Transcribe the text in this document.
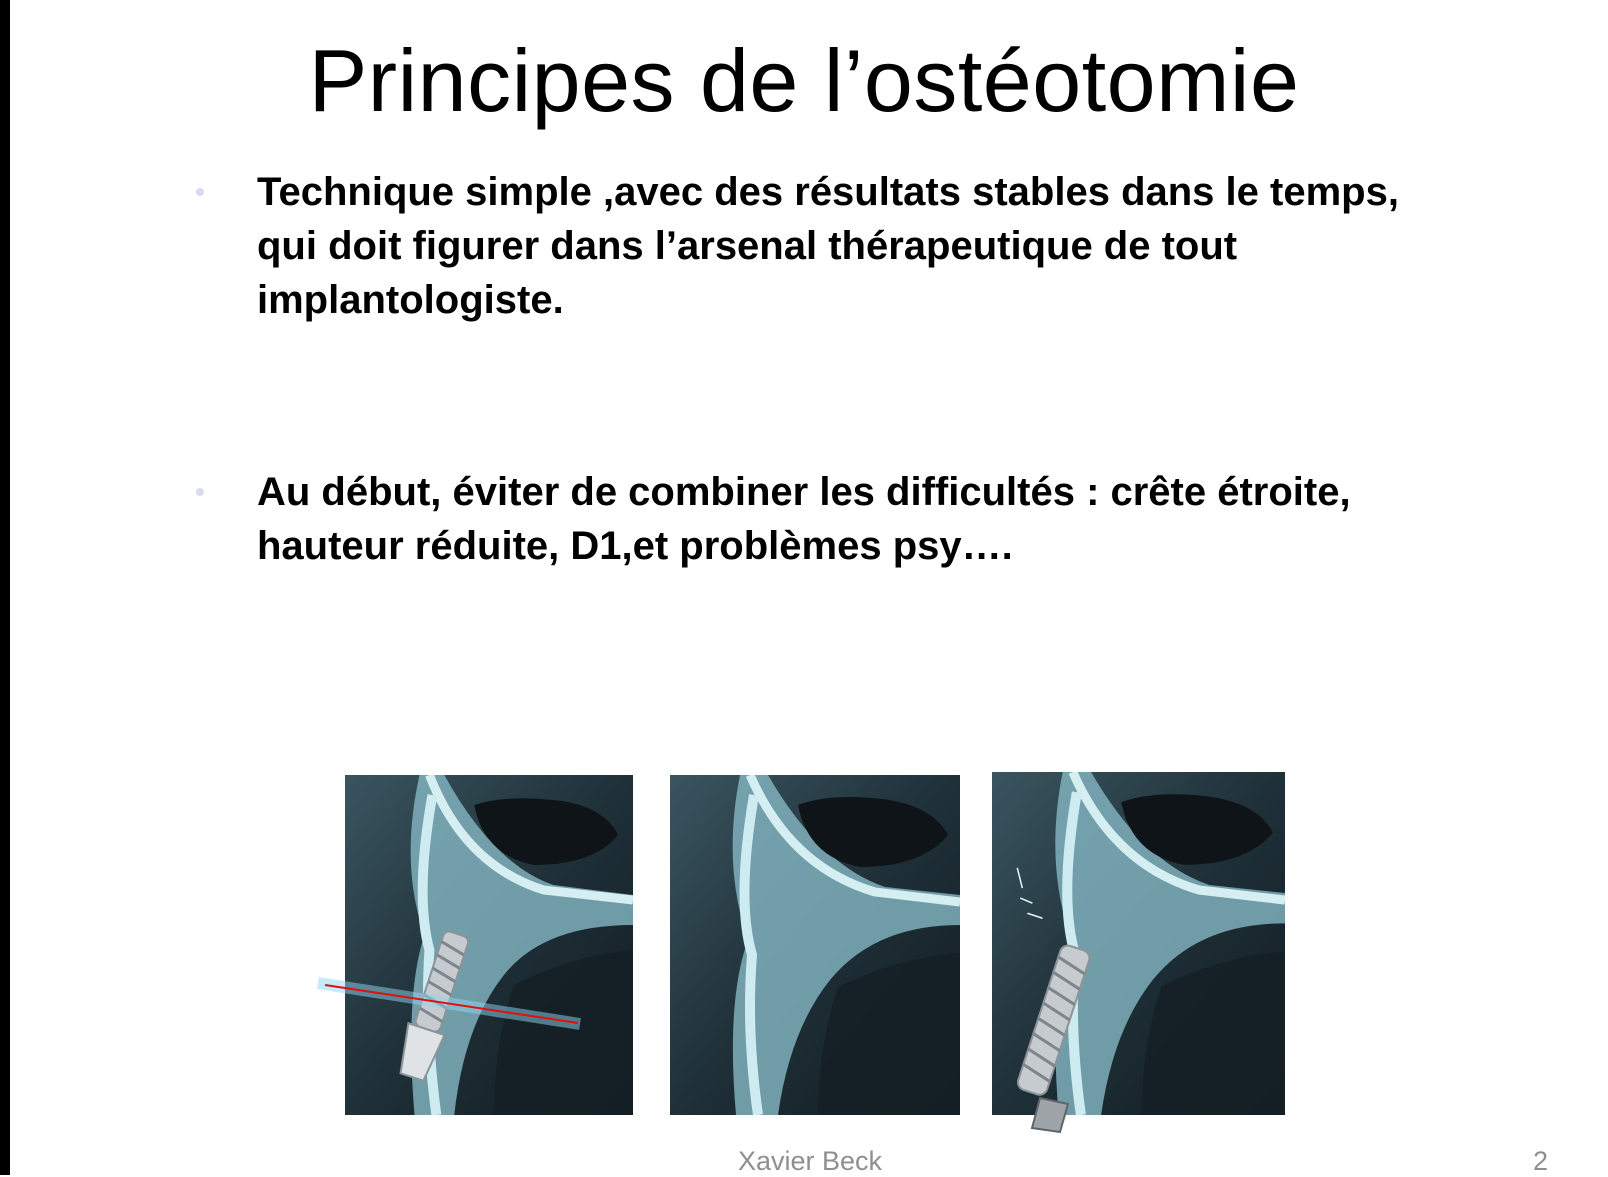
Principes de l’ostéotomie
• Technique simple ,avec des résultats stables dans le temps, qui doit figurer dans l’arsenal thérapeutique de tout implantologiste.
• Au début, éviter de combiner les difficultés : crête étroite, hauteur réduite, D1,et problèmes psy….
Xavier Beck	2
